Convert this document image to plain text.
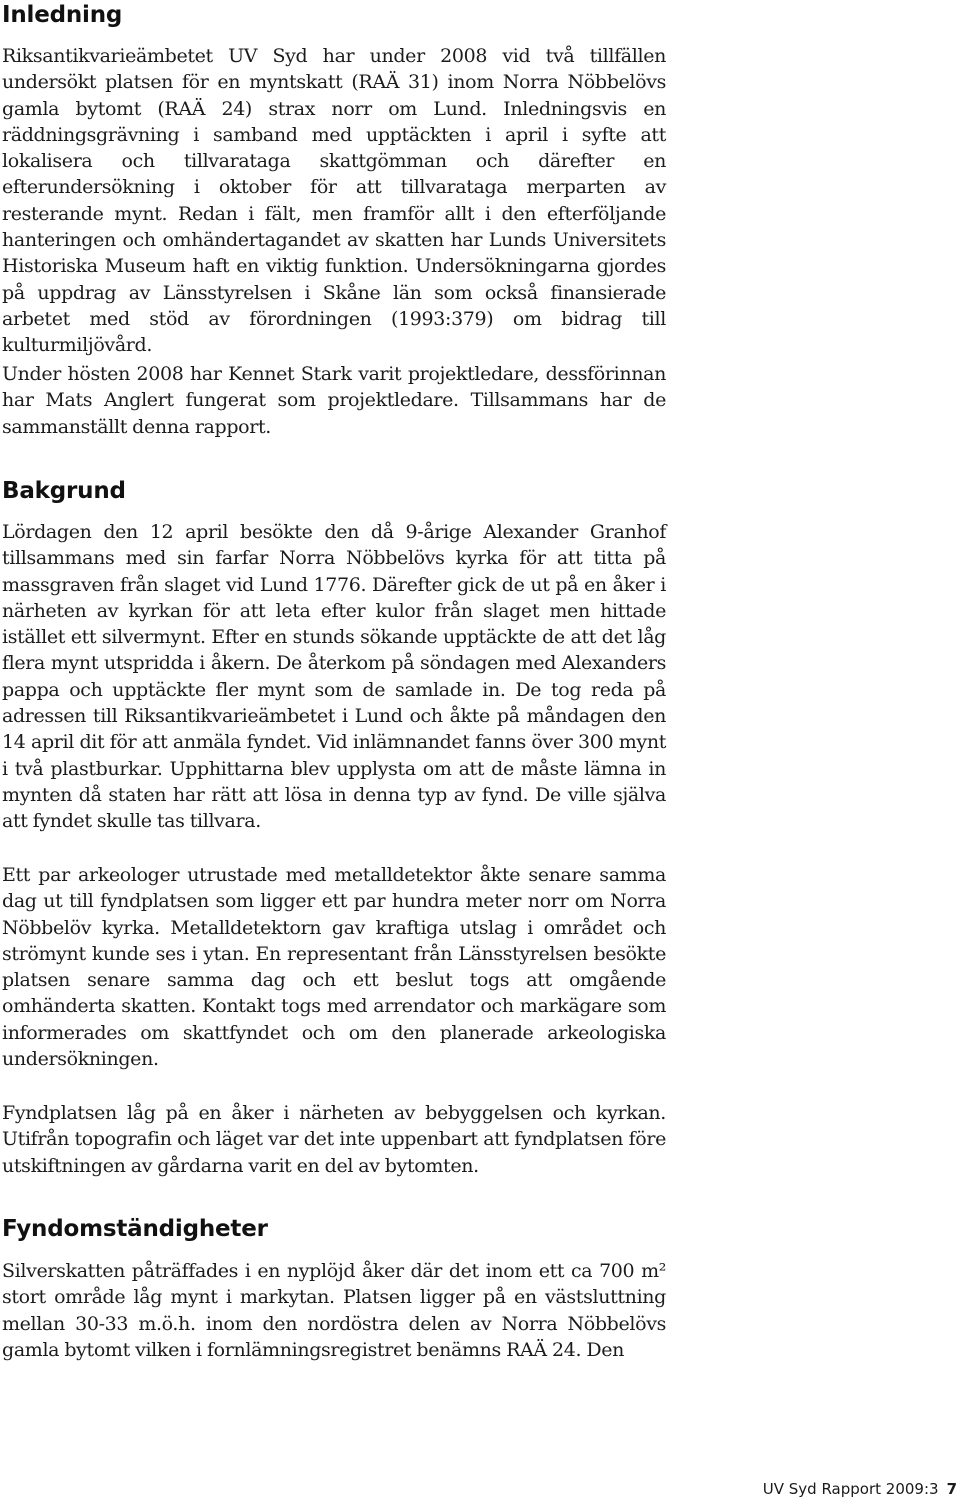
Inledning

Riksantikvarieämbetet UV Syd har under 2008 vid två tillfällen undersökt platsen för en myntskatt (RAÄ 31) inom Norra Nöbbelövs gamla bytomt (RAÄ 24) strax norr om Lund. Inledningsvis en räddningsgrävning i samband med upptäckten i april i syfte att lokalisera och tillvarataga skattgömman och därefter en efterundersökning i oktober för att tillvarataga merparten av resterande mynt. Redan i fält, men framför allt i den efterföljande hanteringen och omhändertagandet av skatten har Lunds Universitets Historiska Museum haft en viktig funktion. Undersökningarna gjordes på uppdrag av Länsstyrelsen i Skåne län som också finansierade arbetet med stöd av förordningen (1993:379) om bidrag till kulturmiljövård.

Under hösten 2008 har Kennet Stark varit projektledare, dessförinnan har Mats Anglert fungerat som projektledare. Tillsammans har de sammanställt denna rapport.

Bakgrund

Lördagen den 12 april besökte den då 9-årige Alexander Granhof tillsammans med sin farfar Norra Nöbbelövs kyrka för att titta på massgraven från slaget vid Lund 1776. Därefter gick de ut på en åker i närheten av kyrkan för att leta efter kulor från slaget men hittade istället ett silvermynt. Efter en stunds sökande upptäckte de att det låg flera mynt utspridda i åkern. De återkom på söndagen med Alexanders pappa och upptäckte fler mynt som de samlade in. De tog reda på adressen till Riksantikvarieämbetet i Lund och åkte på måndagen den 14 april dit för att anmäla fyndet. Vid inlämnandet fanns över 300 mynt i två plastburkar. Upphittarna blev upplysta om att de måste lämna in mynten då staten har rätt att lösa in denna typ av fynd. De ville själva att fyndet skulle tas tillvara.

Ett par arkeologer utrustade med metalldetektor åkte senare samma dag ut till fyndplatsen som ligger ett par hundra meter norr om Norra Nöbbelöv kyrka. Metalldetektorn gav kraftiga utslag i området och strömynt kunde ses i ytan. En representant från Länsstyrelsen besökte platsen senare samma dag och ett beslut togs att omgående omhänderta skatten. Kontakt togs med arrendator och markägare som informerades om skattfyndet och om den planerade arkeologiska undersökningen.

Fyndplatsen låg på en åker i närheten av bebyggelsen och kyrkan. Utifrån topografin och läget var det inte uppenbart att fyndplatsen före utskiftningen av gårdarna varit en del av bytomten.

Fyndomständigheter

Silverskatten påträffades i en nyplöjd åker där det inom ett ca 700 m² stort område låg mynt i markytan. Platsen ligger på en västsluttning mellan 30-33 m.ö.h. inom den nordöstra delen av Norra Nöbbelövs gamla bytomt vilken i fornlämningsregistret benämns RAÄ 24. Den

UV Syd Rapport 2009:3 7
